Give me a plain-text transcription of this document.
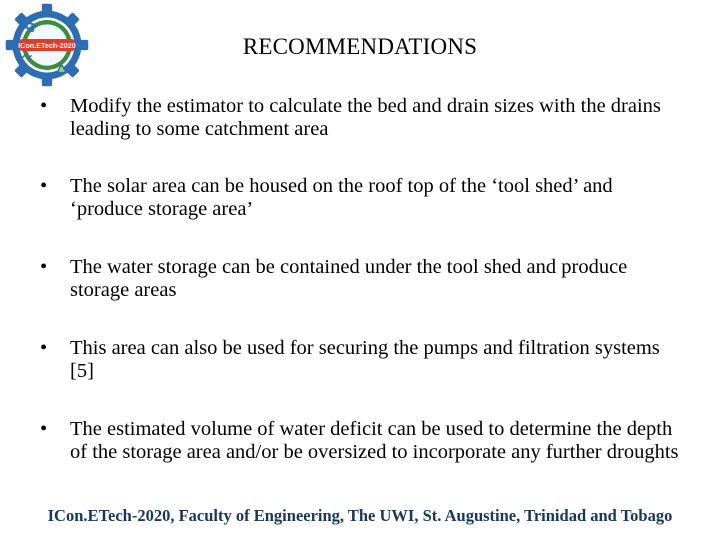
ICon.ETech-2020	RECOMMENDATIONS
•	Modify the estimator to calculate the bed and drain sizes with the drains leading to some catchment area
•	The solar area can be housed on the roof top of the ‘tool shed’ and ‘produce storage area’
•	The water storage can be contained under the tool shed and produce storage areas
•	This area can also be used for securing the pumps and filtration systems [5]
•	The estimated volume of water deficit can be used to determine the depth of the storage area and/or be oversized to incorporate any further droughts
ICon.ETech-2020, Faculty of Engineering, The UWI, St. Augustine, Trinidad and Tobago
